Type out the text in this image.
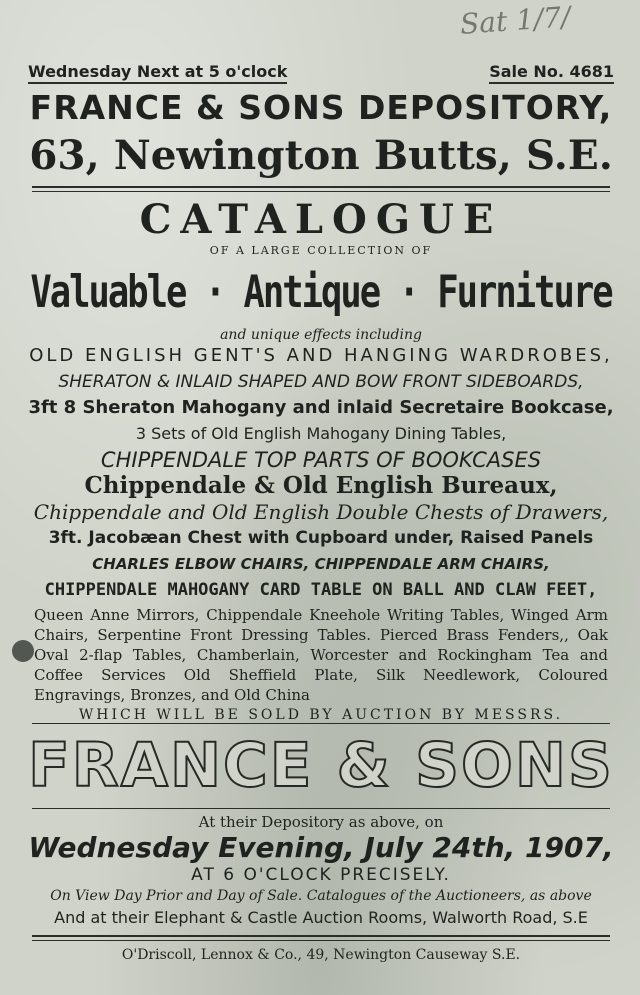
Sat 1/7/
Wednesday Next at 5 o'clock	Sale No. 4681
FRANCE & SONS DEPOSITORY,
63, Newington Butts, S.E.
CATALOGUE
OF A LARGE COLLECTION OF
Valuable · Antique · Furniture
and unique effects including
OLD ENGLISH GENT'S AND HANGING WARDROBES,
SHERATON & INLAID SHAPED AND BOW FRONT SIDEBOARDS,
3ft 8 Sheraton Mahogany and inlaid Secretaire Bookcase,
3 Sets of Old English Mahogany Dining Tables,
CHIPPENDALE TOP PARTS OF BOOKCASES
Chippendale & Old English Bureaux,
Chippendale and Old English Double Chests of Drawers,
3ft. Jacobæan Chest with Cupboard under, Raised Panels
CHARLES ELBOW CHAIRS, CHIPPENDALE ARM CHAIRS,
CHIPPENDALE MAHOGANY CARD TABLE ON BALL AND CLAW FEET,
Queen Anne Mirrors, Chippendale Kneehole Writing Tables, Winged Arm Chairs, Serpentine Front Dressing Tables. Pierced Brass Fenders,, Oak Oval 2-flap Tables, Chamberlain, Worcester and Rockingham Tea and Coffee Services Old Sheffield Plate, Silk Needlework, Coloured Engravings, Bronzes, and Old China
WHICH WILL BE SOLD BY AUCTION BY MESSRS.
FRANCE & SONS
At their Depository as above, on
Wednesday Evening, July 24th, 1907,
AT 6 O'CLOCK PRECISELY.
On View Day Prior and Day of Sale. Catalogues of the Auctioneers, as above
And at their Elephant & Castle Auction Rooms, Walworth Road, S.E
O'Driscoll, Lennox & Co., 49, Newington Causeway S.E.
